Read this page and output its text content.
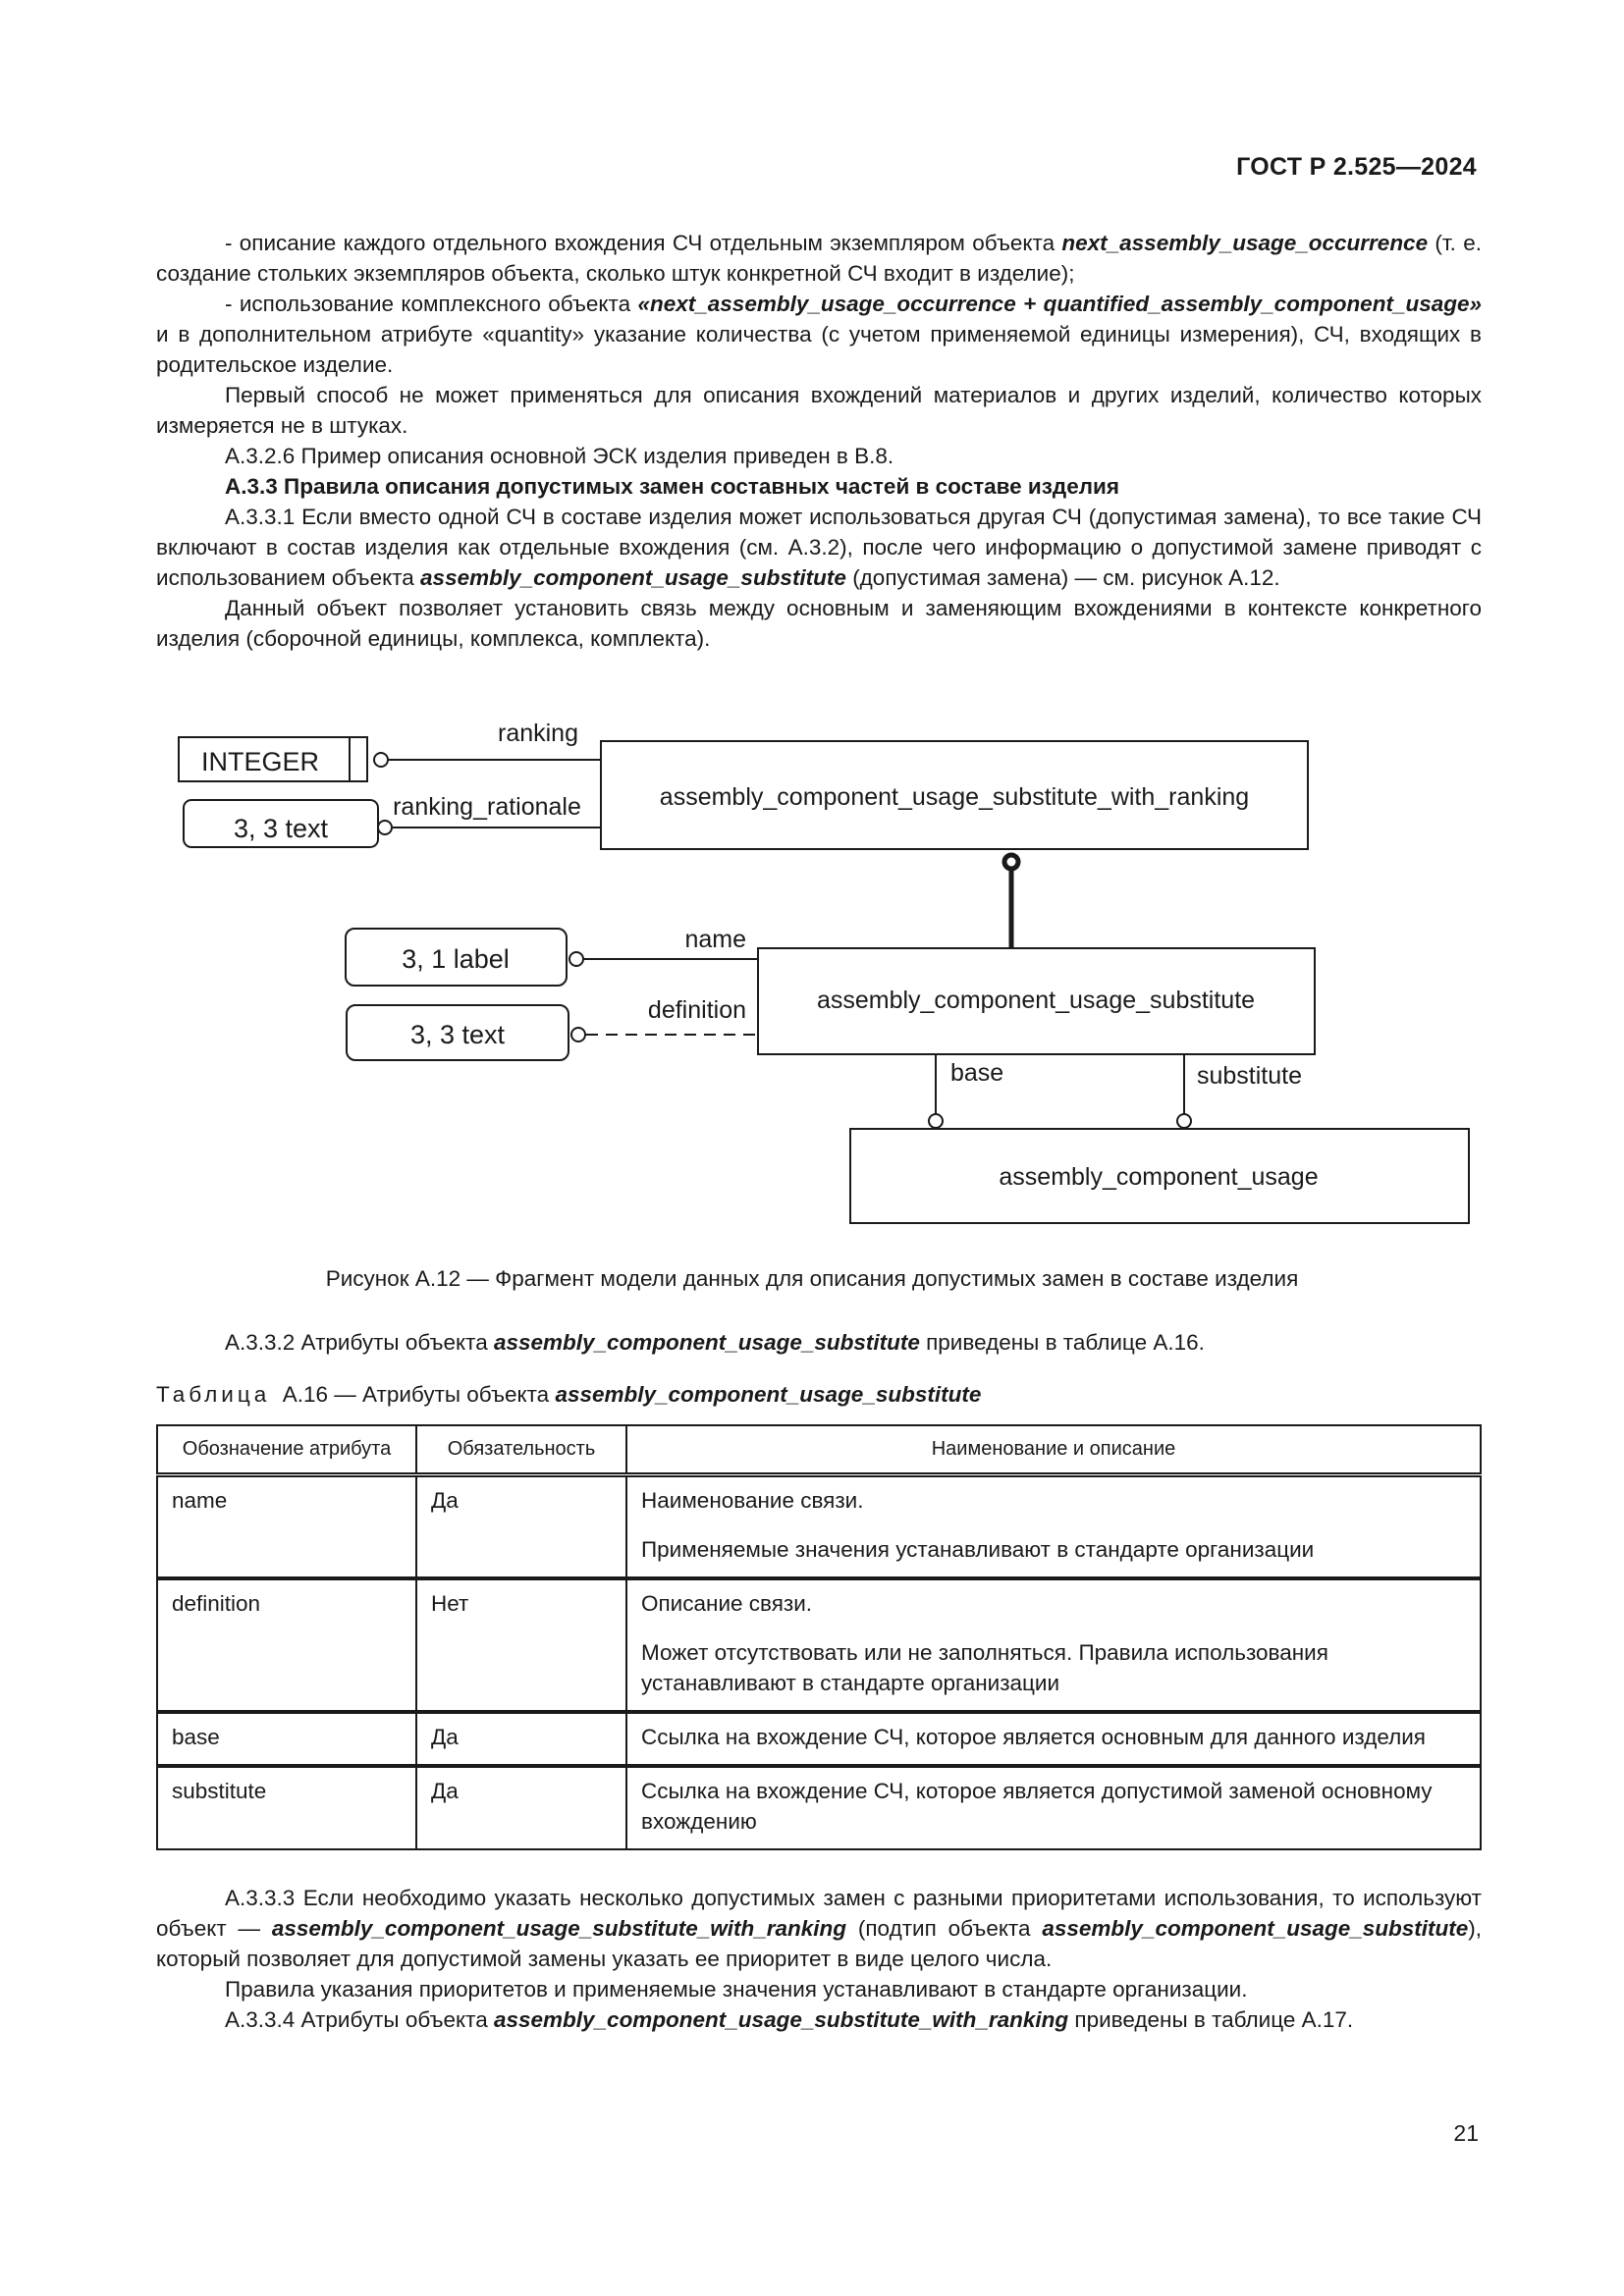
ГОСТ Р 2.525—2024

- описание каждого отдельного вхождения СЧ отдельным экземпляром объекта next_assembly_usage_occurrence (т. е. создание стольких экземпляров объекта, сколько штук конкретной СЧ входит в изделие);

- использование комплексного объекта «next_assembly_usage_occurrence + quantified_assembly_component_usage» и в дополнительном атрибуте «quantity» указание количества (с учетом применяемой единицы измерения), СЧ, входящих в родительское изделие.

Первый способ не может применяться для описания вхождений материалов и других изделий, количество которых измеряется не в штуках.

А.3.2.6 Пример описания основной ЭСК изделия приведен в В.8.

А.3.3 Правила описания допустимых замен составных частей в составе изделия

А.3.3.1 Если вместо одной СЧ в составе изделия может использоваться другая СЧ (допустимая замена), то все такие СЧ включают в состав изделия как отдельные вхождения (см. А.3.2), после чего информацию о допустимой замене приводят с использованием объекта assembly_component_usage_substitute (допустимая замена) — см. рисунок А.12.

Данный объект позволяет установить связь между основным и заменяющим вхождениями в контексте конкретного изделия (сборочной единицы, комплекса, комплекта).

INTEGER
3, 3 text
3, 1 label
3, 3 text
ranking
ranking_rationale
name
definition
base	substitute
assembly_component_usage_substitute_with_ranking
assembly_component_usage_substitute
assembly_component_usage
Рисунок А.12 — Фрагмент модели данных для описания допустимых замен в составе изделия

А.3.3.2 Атрибуты объекта assembly_component_usage_substitute приведены в таблице А.16.

Таблица  А.16 — Атрибуты объекта assembly_component_usage_substitute
Обозначение атрибута	Обязательность	Наименование и описание
name	Да	Наименование связи.

Применяемые значения устанавливают в стандарте организации

definition	Нет	Описание связи.

Может отсутствовать или не заполняться. Правила использования устанавливают в стандарте организации

base	Да	Ссылка на вхождение СЧ, которое является основным для данного изделия

substitute	Да	Ссылка на вхождение СЧ, которое является допустимой заменой основному вхождению

А.3.3.3 Если необходимо указать несколько допустимых замен с разными приоритетами использования, то используют объект — assembly_component_usage_substitute_with_ranking (подтип объекта assembly_component_usage_substitute), который позволяет для допустимой замены указать ее приоритет в виде целого числа.

Правила указания приоритетов и применяемые значения устанавливают в стандарте организации.

А.3.3.4 Атрибуты объекта assembly_component_usage_substitute_with_ranking приведены в таблице А.17.

21
